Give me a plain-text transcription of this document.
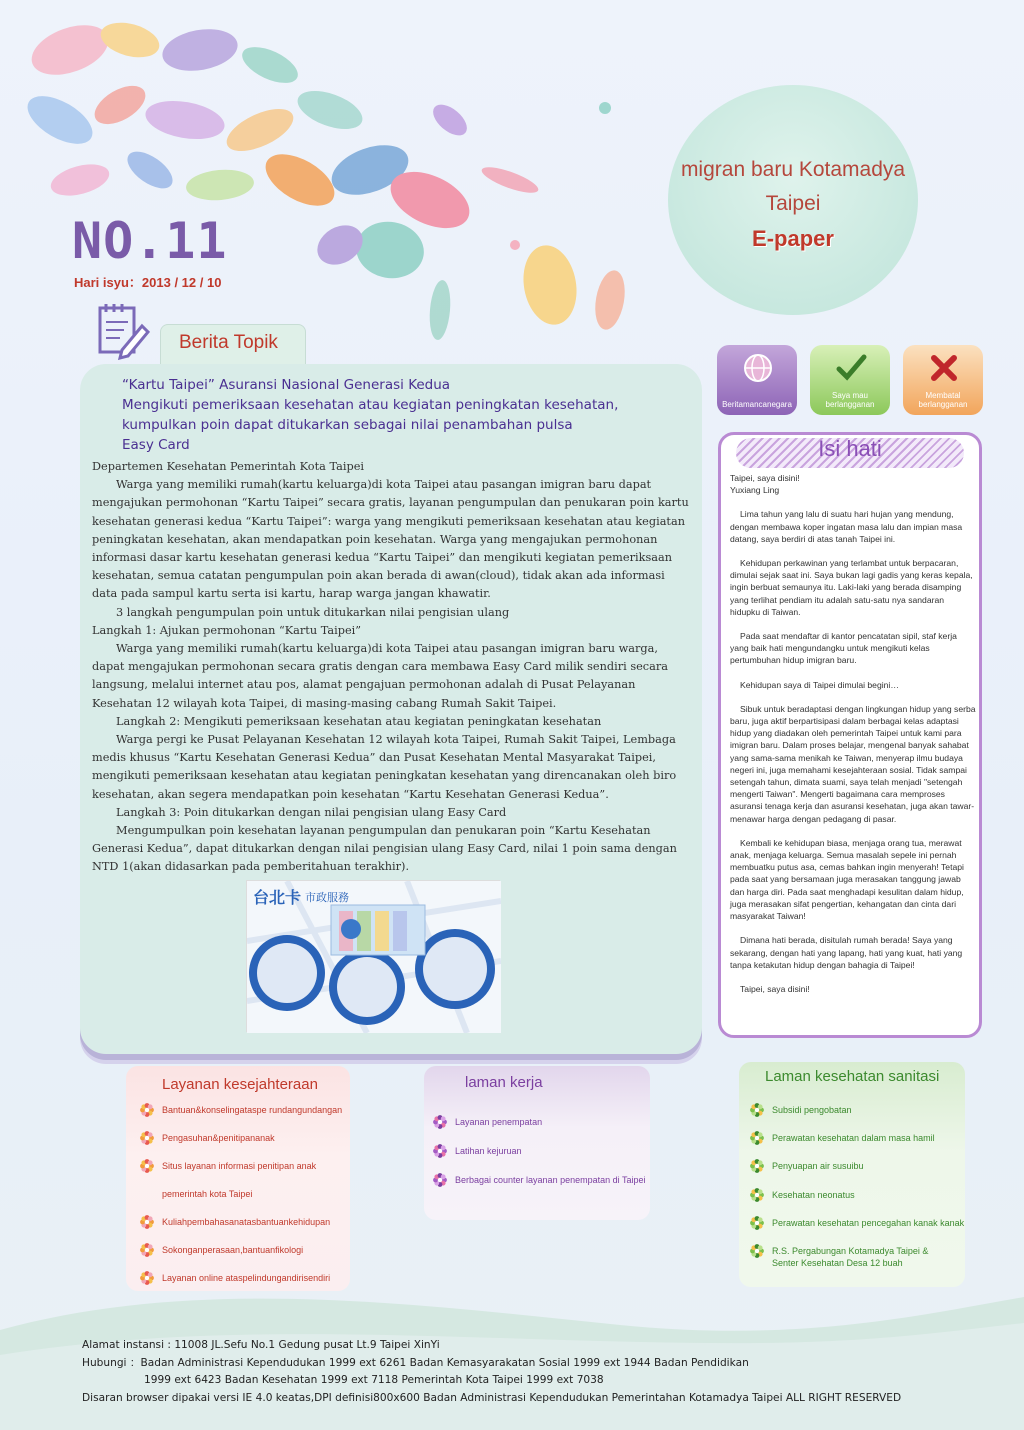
NO.11
Hari isyu：2013 / 12 / 10
migran baru Kotamadya
Taipei
E-paper
Beritamancanegara
Saya mau berlangganan
Membatal berlangganan
Berita Topik
“Kartu Taipei” Asuransi Nasional Generasi Kedua
Mengikuti pemeriksaan kesehatan atau kegiatan peningkatan kesehatan,
kumpulkan poin dapat ditukarkan sebagai nilai penambahan pulsa
Easy Card

Departemen Kesehatan Pemerintah Kota Taipei

Warga yang memiliki rumah(kartu keluarga)di kota Taipei atau pasangan imigran baru dapat mengajukan permohonan “Kartu Taipei” secara gratis, layanan pengumpulan dan penukaran poin kartu kesehatan generasi kedua “Kartu Taipei”: warga yang mengikuti pemeriksaan kesehatan atau kegiatan peningkatan kesehatan, akan mendapatkan poin kesehatan. Warga yang mengajukan permohonan informasi dasar kartu kesehatan generasi kedua “Kartu Taipei” dan mengikuti kegiatan pemeriksaan kesehatan, semua catatan pengumpulan poin akan berada di awan(cloud), tidak akan ada informasi data pada sampul kartu serta isi kartu, harap warga jangan khawatir.

3 langkah pengumpulan poin untuk ditukarkan nilai pengisian ulang

Langkah 1: Ajukan permohonan “Kartu Taipei”

Warga yang memiliki rumah(kartu keluarga)di kota Taipei atau pasangan imigran baru warga, dapat mengajukan permohonan secara gratis dengan cara membawa Easy Card milik sendiri secara langsung, melalui internet atau pos, alamat pengajuan permohonan adalah di Pusat Pelayanan Kesehatan 12 wilayah kota Taipei, di masing-masing cabang Rumah Sakit Taipei.

Langkah 2: Mengikuti pemeriksaan kesehatan atau kegiatan peningkatan kesehatan

Warga pergi ke Pusat Pelayanan Kesehatan 12 wilayah kota Taipei, Rumah Sakit Taipei, Lembaga medis khusus “Kartu Kesehatan Generasi Kedua” dan Pusat Kesehatan Mental Masyarakat Taipei, mengikuti pemeriksaan kesehatan atau kegiatan peningkatan kesehatan yang direncanakan oleh biro kesehatan, akan segera mendapatkan poin kesehatan “Kartu Kesehatan Generasi Kedua”.

Langkah 3: Poin ditukarkan dengan nilai pengisian ulang Easy Card

Mengumpulkan poin kesehatan layanan pengumpulan dan penukaran poin “Kartu Kesehatan Generasi Kedua”, dapat ditukarkan dengan nilai pengisian ulang Easy Card, nilai 1 poin sama dengan NTD 1(akan didasarkan pada pemberitahuan terakhir).

台北卡 市政服務
Isi hati

Taipei, saya disini!

Yuxiang Ling

Lima tahun yang lalu di suatu hari hujan yang mendung, dengan membawa koper ingatan masa lalu dan impian masa datang, saya berdiri di atas tanah Taipei ini.

Kehidupan perkawinan yang terlambat untuk berpacaran, dimulai sejak saat ini. Saya bukan lagi gadis yang keras kepala, ingin berbuat semaunya itu. Laki-laki yang berada disamping yang terlihat pendiam itu adalah satu-satu nya sandaran hidupku di Taiwan.

Pada saat mendaftar di kantor pencatatan sipil, staf kerja yang baik hati mengundangku untuk mengikuti kelas pertumbuhan hidup imigran baru.

Kehidupan saya di Taipei dimulai begini…

Sibuk untuk beradaptasi dengan lingkungan hidup yang serba baru, juga aktif berpartisipasi dalam berbagai kelas adaptasi hidup yang diadakan oleh pemerintah Taipei untuk kami para imigran baru. Dalam proses belajar, mengenal banyak sahabat yang sama-sama menikah ke Taiwan, menyerap ilmu budaya negeri ini, juga memahami kesejahteraan sosial. Tidak sampai setengah tahun, dimata suami, saya telah menjadi "setengah mengerti Taiwan". Mengerti bagaimana cara memproses asuransi tenaga kerja dan asuransi kesehatan, juga akan tawar-menawar harga dengan pedagang di pasar.

Kembali ke kehidupan biasa, menjaga orang tua, merawat anak, menjaga keluarga. Semua masalah sepele ini pernah membuatku putus asa, cemas bahkan ingin menyerah! Tetapi pada saat yang bersamaan juga merasakan tanggung jawab dan harga diri. Pada saat menghadapi kesulitan dalam hidup, juga merasakan sifat pengertian, kehangatan dan cinta dari masyarakat Taiwan!

Dimana hati berada, disitulah rumah berada! Saya yang sekarang, dengan hati yang lapang, hati yang kuat, hati yang tanpa ketakutan hidup dengan bahagia di Taipei!

Taipei, saya disini!

Layanan kesejahteraan
Bantuan&konselingataspe rundangundangan
Pengasuhan&penitipananak
Situs layanan informasi penitipan anak
pemerintah kota Taipei
Kuliahpembahasanatasbantuankehidupan
Sokonganperasaan,bantuanfikologi
Layanan online ataspelindungandirisendiri
laman kerja
Layanan penempatan
Latihan kejuruan
Berbagai counter layanan penempatan di Taipei
Laman kesehatan sanitasi
Subsidi pengobatan
Perawatan kesehatan dalam masa hamil
Penyuapan air susuibu
Kesehatan neonatus
Perawatan kesehatan pencegahan kanak kanak
R.S. Pergabungan Kotamadya Taipei &
Senter Kesehatan Desa 12 buah
Alamat instansi : 11008 JL.Sefu No.1 Gedung pusat Lt.9 Taipei XinYi
Hubungi ：Badan Administrasi Kependudukan 1999 ext 6261 Badan Kemasyarakatan Sosial 1999 ext 1944 Badan Pendidikan
1999 ext 6423 Badan Kesehatan 1999 ext 7118 Pemerintah Kota Taipei 1999 ext 7038
Disaran browser dipakai versi IE 4.0 keatas,DPI definisi800x600 Badan Administrasi Kependudukan Pemerintahan Kotamadya Taipei ALL RIGHT RESERVED
